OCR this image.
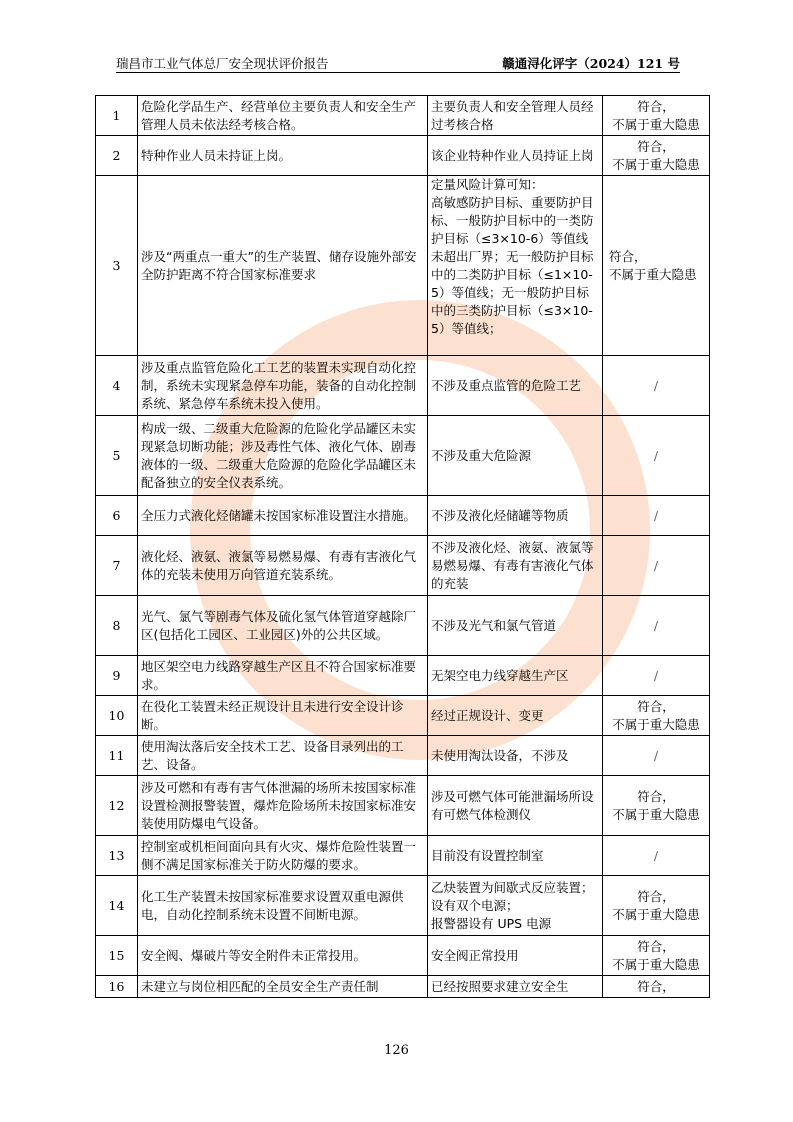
瑞昌市工业气体总厂安全现状评价报告	赣通浔化评字（2024）121 号
1	危险化学品生产、经营单位主要负责人和安全生产管理人员未依法经考核合格。	主要负责人和安全管理人员经过考核合格	符合，
不属于重大隐患
2	特种作业人员未持证上岗。	该企业特种作业人员持证上岗	符合，
不属于重大隐患
3	涉及“两重点一重大”的生产装置、储存设施外部安全防护距离不符合国家标准要求	定量风险计算可知：
高敏感防护目标、重要防护目标、一般防护目标中的一类防护目标（≤3×10-6）等值线未超出厂界；无一般防护目标中的二类防护目标（≤1×10-5）等值线；无一般防护目标中的三类防护目标（≤3×10-5）等值线；	符合，
不属于重大隐患
4	涉及重点监管危险化工工艺的装置未实现自动化控制，系统未实现紧急停车功能，装备的自动化控制系统、紧急停车系统未投入使用。	不涉及重点监管的危险工艺	/
5	构成一级、二级重大危险源的危险化学品罐区未实现紧急切断功能；涉及毒性气体、液化气体、剧毒液体的一级、二级重大危险源的危险化学品罐区未配备独立的安全仪表系统。	不涉及重大危险源	/
6	全压力式液化烃储罐未按国家标准设置注水措施。	不涉及液化烃储罐等物质	/
7	液化烃、液氨、液氯等易燃易爆、有毒有害液化气体的充装未使用万向管道充装系统。	不涉及液化烃、液氨、液氯等易燃易爆、有毒有害液化气体的充装	/
8	光气、氯气等剧毒气体及硫化氢气体管道穿越除厂区(包括化工园区、工业园区)外的公共区域。	不涉及光气和氯气管道	/
9	地区架空电力线路穿越生产区且不符合国家标准要求。	无架空电力线穿越生产区	/
10	在役化工装置未经正规设计且未进行安全设计诊断。	经过正规设计、变更	符合，
不属于重大隐患
11	使用淘汰落后安全技术工艺、设备目录列出的工艺、设备。	未使用淘汰设备，不涉及	/
12	涉及可燃和有毒有害气体泄漏的场所未按国家标准设置检测报警装置，爆炸危险场所未按国家标准安装使用防爆电气设备。	涉及可燃气体可能泄漏场所设有可燃气体检测仪	符合，
不属于重大隐患
13	控制室或机柜间面向具有火灾、爆炸危险性装置一侧不满足国家标准关于防火防爆的要求。	目前没有设置控制室	/
14	化工生产装置未按国家标准要求设置双重电源供电，自动化控制系统未设置不间断电源。	乙炔装置为间歇式反应装置；设有双个电源；
报警器设有 UPS 电源	符合，
不属于重大隐患
15	安全阀、爆破片等安全附件未正常投用。	安全阀正常投用	符合，
不属于重大隐患
16	未建立与岗位相匹配的全员安全生产责任制	已经按照要求建立安全生	符合，
126
